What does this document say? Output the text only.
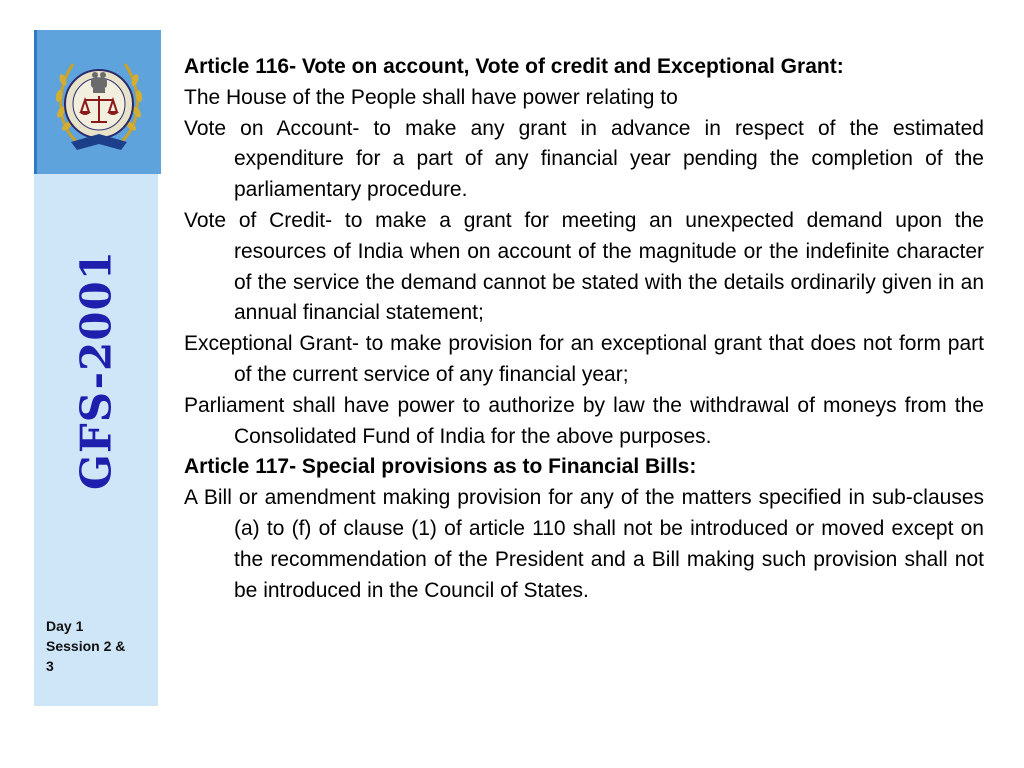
GFS-2001
Day 1
Session 2 &
3

Article 116- Vote on account, Vote of credit and Exceptional Grant:

The House of the People shall have power relating to

Vote on Account- to make any grant in advance in respect of the estimated expenditure for a part of any financial year pending the completion of the parliamentary procedure.

Vote of Credit- to make a grant for meeting an unexpected demand upon the resources of India when on account of the magnitude or the indefinite character of the service the demand cannot be stated with the details ordinarily given in an annual financial statement;

Exceptional Grant- to make provision for an exceptional grant that does not form part of the current service of any financial year;

Parliament shall have power to authorize by law the withdrawal of moneys from the Consolidated Fund of India for the above purposes.

Article 117- Special provisions as to Financial Bills:

A Bill or amendment making provision for any of the matters specified in sub-clauses (a) to (f) of clause (1) of article 110 shall not be introduced or moved except on the recommendation of the President and a Bill making such provision shall not be introduced in the Council of States.
